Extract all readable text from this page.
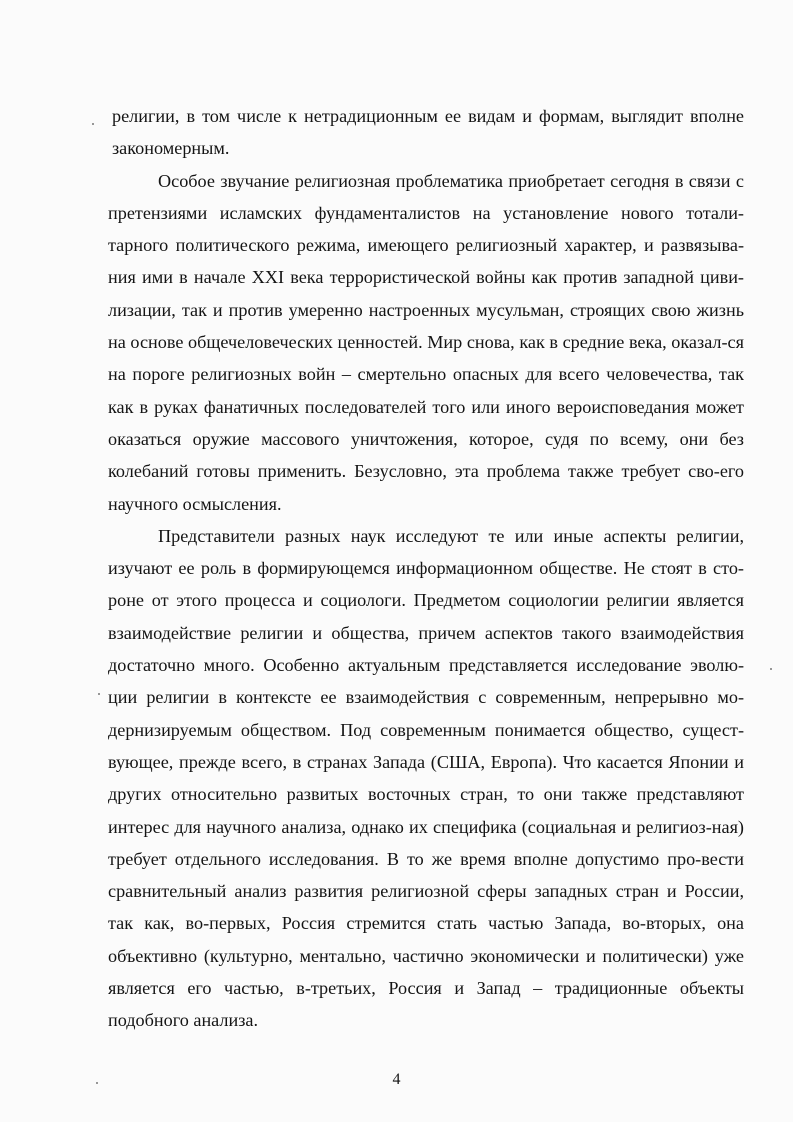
религии, в том числе к нетрадиционным ее видам и формам, выглядит вполне закономерным.

Особое звучание религиозная проблематика приобретает сегодня в связи с претензиями исламских фундаменталистов на установление нового тотали-тарного политического режима, имеющего религиозный характер, и развязыва-ния ими в начале XXI века террористической войны как против западной циви-лизации, так и против умеренно настроенных мусульман, строящих свою жизнь на основе общечеловеческих ценностей. Мир снова, как в средние века, оказал-ся на пороге религиозных войн – смертельно опасных для всего человечества, так как в руках фанатичных последователей того или иного вероисповедания может оказаться оружие массового уничтожения, которое, судя по всему, они без колебаний готовы применить. Безусловно, эта проблема также требует сво-его научного осмысления.

Представители разных наук исследуют те или иные аспекты религии, изучают ее роль в формирующемся информационном обществе. Не стоят в сто-роне от этого процесса и социологи. Предметом социологии религии является взаимодействие религии и общества, причем аспектов такого взаимодействия достаточно много. Особенно актуальным представляется исследование эволю-ции религии в контексте ее взаимодействия с современным, непрерывно мо-дернизируемым обществом. Под современным понимается общество, сущест-вующее, прежде всего, в странах Запада (США, Европа). Что касается Японии и других относительно развитых восточных стран, то они также представляют интерес для научного анализа, однако их специфика (социальная и религиоз-ная) требует отдельного исследования. В то же время вполне допустимо про-вести сравнительный анализ развития религиозной сферы западных стран и России, так как, во-первых, Россия стремится стать частью Запада, во-вторых, она объективно (культурно, ментально, частично экономически и политически) уже является его частью, в-третьих, Россия и Запад – традиционные объекты подобного анализа.

4
